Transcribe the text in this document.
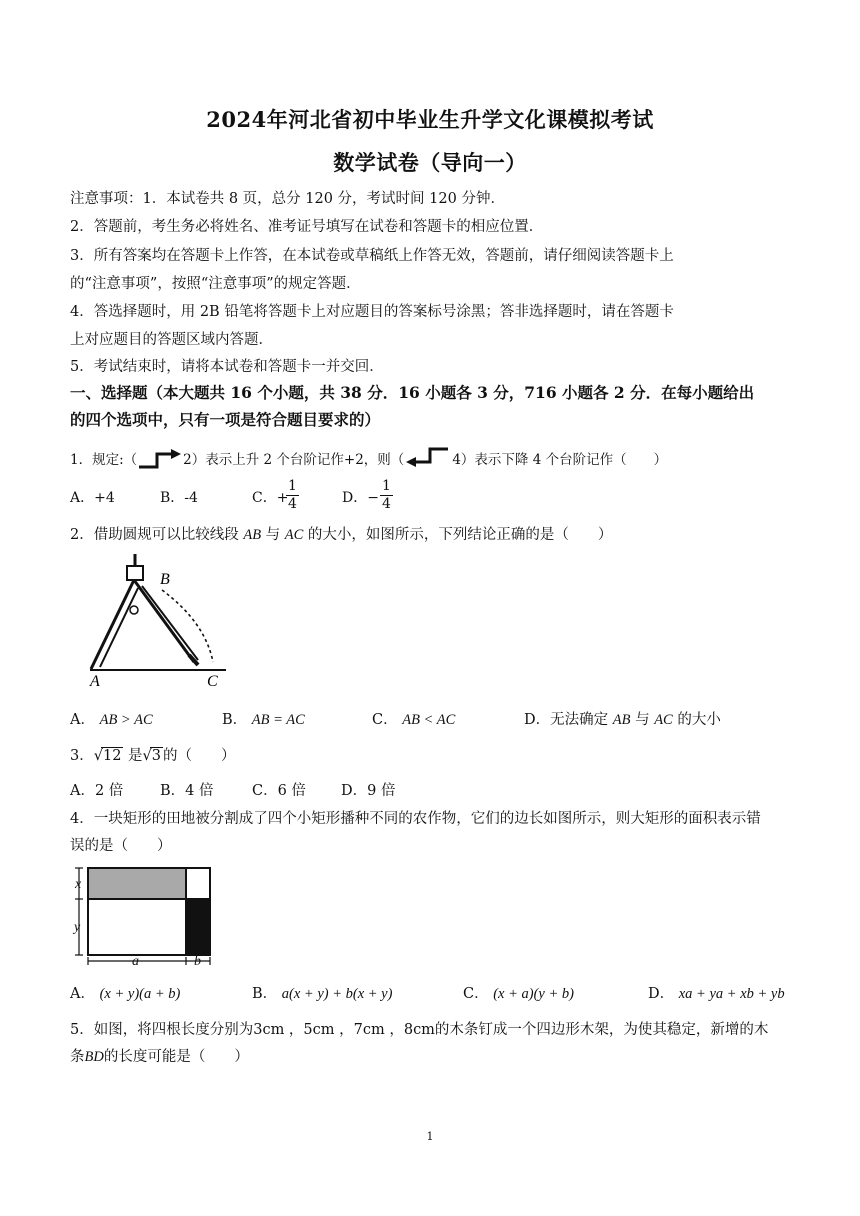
2024年河北省初中毕业生升学文化课模拟考试
数学试卷（导向一）
注意事项：1．本试卷共 8 页，总分 120 分，考试时间 120 分钟．
2．答题前，考生务必将姓名、准考证号填写在试卷和答题卡的相应位置．
3．所有答案均在答题卡上作答，在本试卷或草稿纸上作答无效，答题前，请仔细阅读答题卡上
的“注意事项”，按照“注意事项”的规定答题．
4．答选择题时，用 2B 铅笔将答题卡上对应题目的答案标号涂黑；答非选择题时，请在答题卡
上对应题目的答题区域内答题．
5．考试结束时，请将本试卷和答题卡一并交回．
一、选择题（本大题共 16 个小题，共 38 分．16 小题各 3 分，716 小题各 2 分．在每小题给出
的四个选项中，只有一项是符合题目要求的）
1．规定:（	2）表示上升 2 个台阶记作+2，则（	4）表示下降 4 个台阶记作（　　）
A．+4	B．-4	C．+
$\frac{1}{4}$	D．− $\frac{1}{4}$
2．借助圆规可以比较线段 AB 与 AC 的大小，如图所示，下列结论正确的是（　　）
B
A	C
A． AB > AC	B． AB = AC	C． AB < AC	D．无法确定 AB 与 AC 的大小
3．√12 是√3 的（　　）
A．2 倍	B．4 倍	C．6 倍 D．9 倍
4．一块矩形的田地被分割成了四个小矩形播种不同的农作物，它们的边长如图所示，则大矩形的面积表示错
误的是（　　）
x
y
a	b
A． (x + y)(a + b)	B． a(x + y) + b(x + y)	C． (x + a)(y + b)	D． xa + ya + xb + yb
5．如图，将四根长度分别为3cm ，5cm ，7cm ，8cm的木条钉成一个四边形木架，为使其稳定，新增的木
条BD的长度可能是（　　）
1
